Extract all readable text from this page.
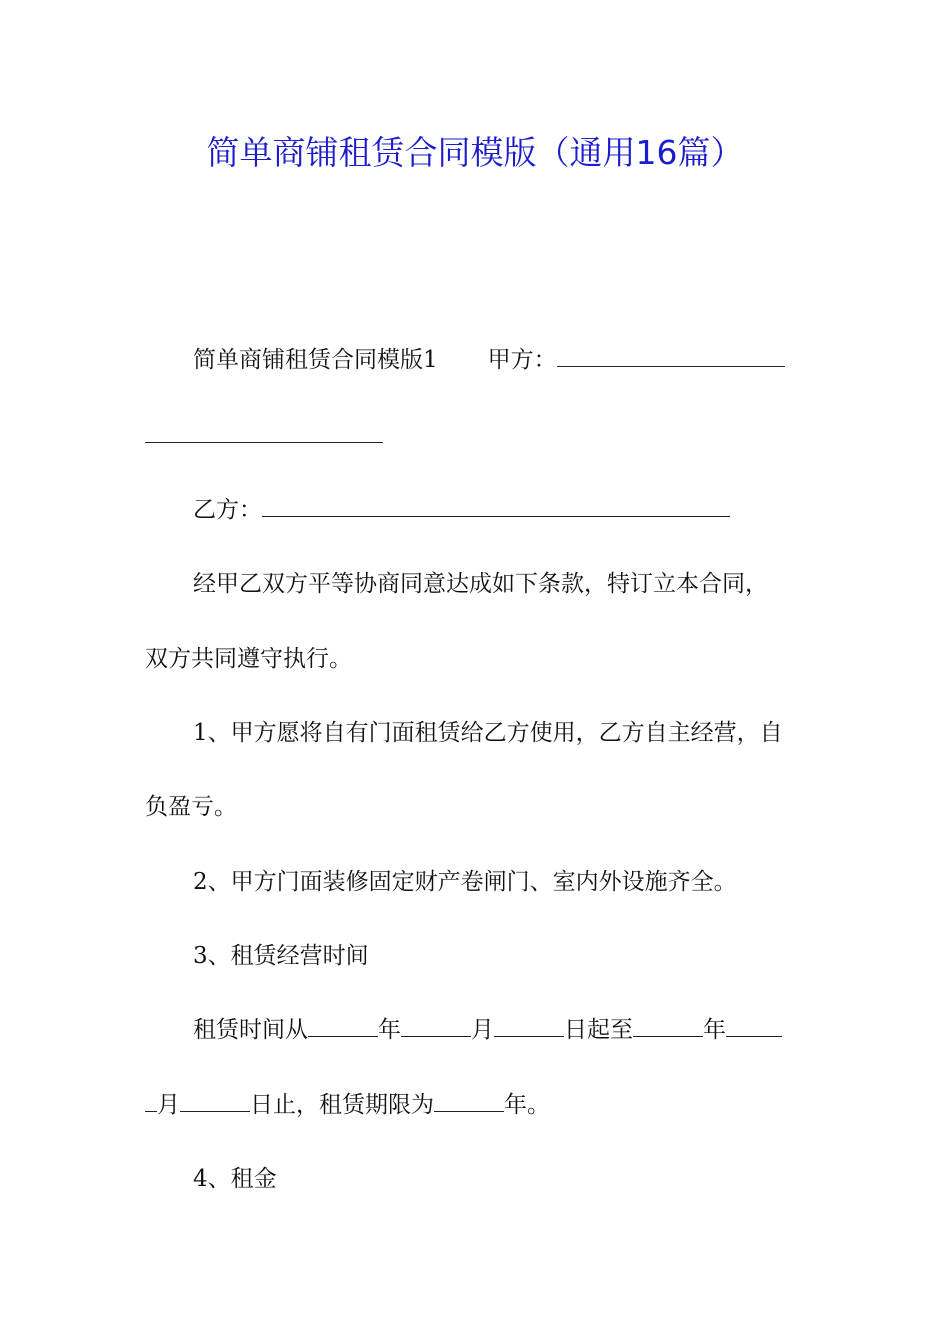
简单商铺租赁合同模版（通用16篇）
简单商铺租赁合同模版1 甲方：
乙方：
经甲乙双方平等协商同意达成如下条款，特订立本合同，
双方共同遵守执行。
1、甲方愿将自有门面租赁给乙方使用，乙方自主经营，自
负盈亏。
2、甲方门面装修固定财产卷闸门、室内外设施齐全。
3、租赁经营时间
租赁时间从	年	月	日起至	年
月	日止，租赁期限为	年。
4、租金
